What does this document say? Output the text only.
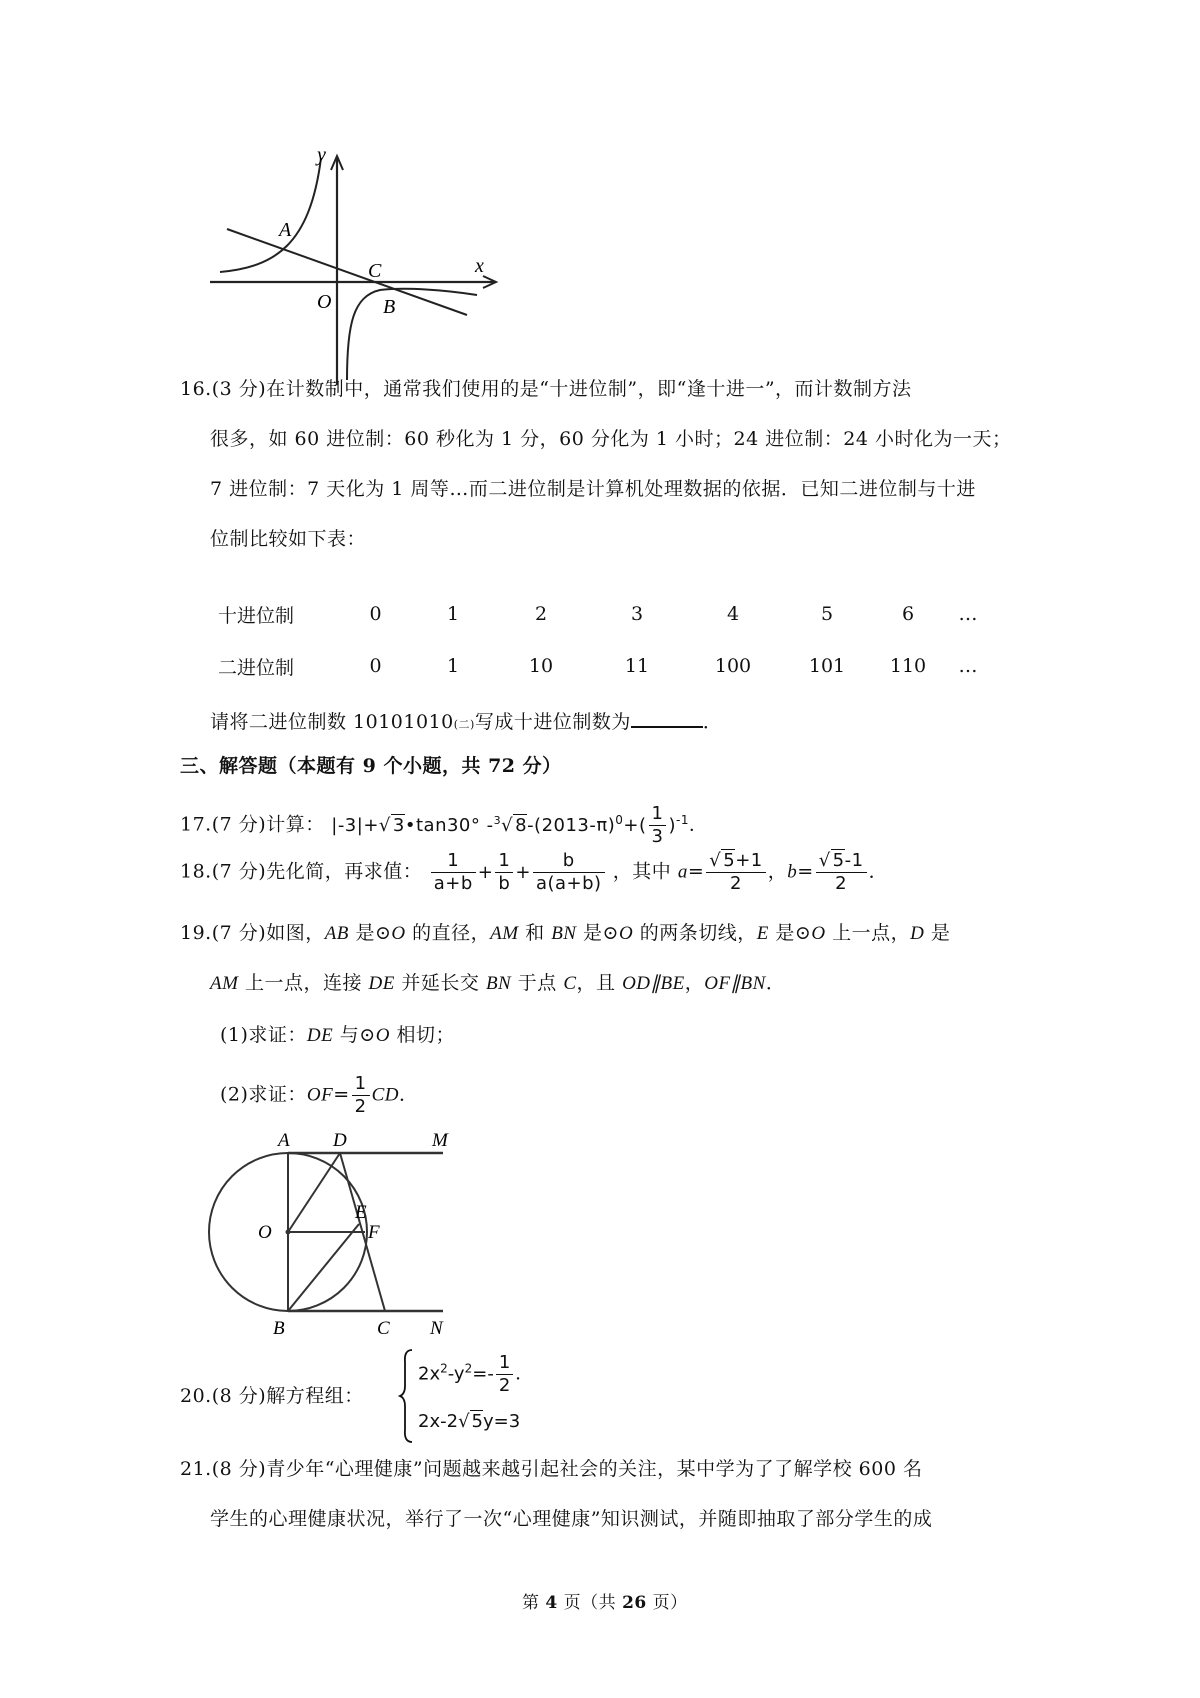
y
x
A
C
O	B
16.(3 分)在计数制中，通常我们使用的是“十进位制”，即“逢十进一”，而计数制方法
很多，如 60 进位制：60 秒化为 1 分，60 分化为 1 小时；24 进位制：24 小时化为一天；
7 进位制：7 天化为 1 周等…而二进位制是计算机处理数据的依据．已知二进位制与十进
位制比较如下表：
十进位制	0	1	2	3	4	5	6	…
二进位制	0	1	10	11	100	101	110	…
请将二进位制数 10101010(二)写成十进位制数为	．
三、解答题（本题有 9 个小题，共 72 分）
17.(7 分)计算： |-3|+√ 3•tan30° -$^3$√ $8-(2013-\pi)^0+( \frac{1}{3} )^{-1}$．
18.(7 分)先化简，再求值： $\frac{1}{a+b} + \frac{1}{b} + \frac{b}{a(a+b)}$ ，其中 $a= \frac{√ 5+1}{2}$ ，$b= \frac{√ 5-1}{2}$ ．
19.(7 分)如图，AB 是⊙O 的直径，AM 和 BN 是⊙O 的两条切线，E 是⊙O 上一点，D 是
AM 上一点，连接 DE 并延长交 BN 于点 C，且 OD∥BE，OF∥BN．
(1)求证：DE 与⊙O 相切；
(2)求证：$OF= \frac{1}{2}$ CD．
A D	M
O
E
F
B	C N
20.(8 分)解方程组：
$2x^2-y^2=- \frac{1}{2}$ ．
2x-2√ 5y=3
21.(8 分)青少年“心理健康”问题越来越引起社会的关注，某中学为了了解学校 600 名
学生的心理健康状况，举行了一次“心理健康”知识测试，并随即抽取了部分学生的成
第 4 页（共 26 页）
